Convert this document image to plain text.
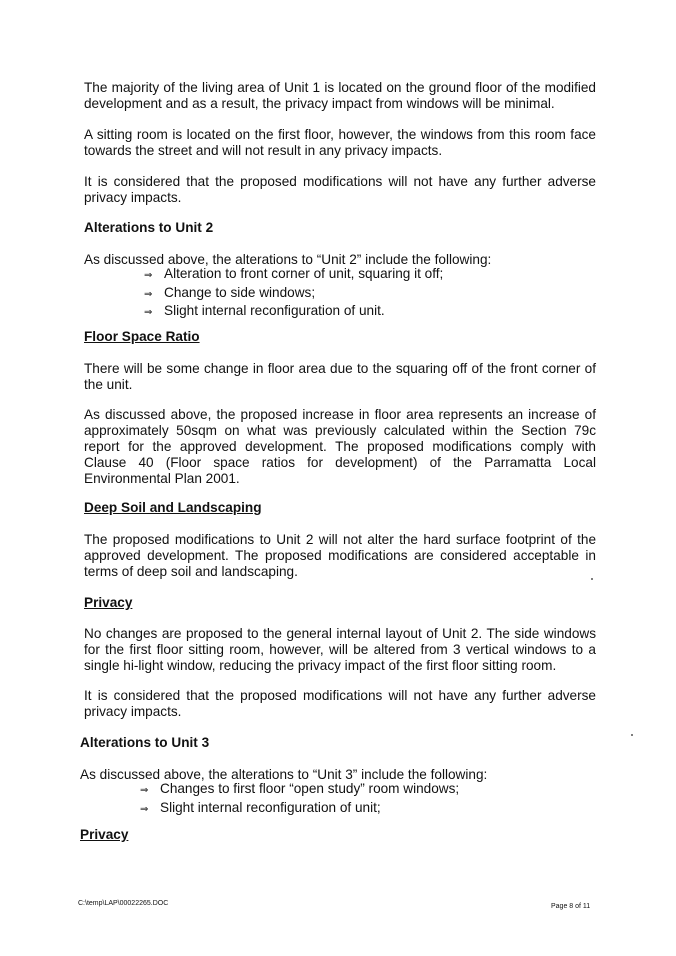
The majority of the living area of Unit 1 is located on the ground floor of the modified development and as a result, the privacy impact from windows will be minimal.

A sitting room is located on the first floor, however, the windows from this room face towards the street and will not result in any privacy impacts.

It is considered that the proposed modifications will not have any further adverse privacy impacts.

Alterations to Unit 2

As discussed above, the alterations to “Unit 2” include the following:

⇒ Alteration to front corner of unit, squaring it off;
⇒ Change to side windows;
⇒ Slight internal reconfiguration of unit.
Floor Space Ratio

There will be some change in floor area due to the squaring off of the front corner of the unit.

As discussed above, the proposed increase in floor area represents an increase of approximately 50sqm on what was previously calculated within the Section 79c report for the approved development. The proposed modifications comply with Clause 40 (Floor space ratios for development) of the Parramatta Local Environmental Plan 2001.

Deep Soil and Landscaping

The proposed modifications to Unit 2 will not alter the hard surface footprint of the approved development. The proposed modifications are considered acceptable in terms of deep soil and landscaping.

Privacy

No changes are proposed to the general internal layout of Unit 2. The side windows for the first floor sitting room, however, will be altered from 3 vertical windows to a single hi-light window, reducing the privacy impact of the first floor sitting room.

It is considered that the proposed modifications will not have any further adverse privacy impacts.

Alterations to Unit 3

As discussed above, the alterations to “Unit 3” include the following:

⇒ Changes to first floor “open study” room windows;
⇒ Slight internal reconfiguration of unit;
Privacy
C:\temp\LAP\00022265.DOC	Page 8 of 11
